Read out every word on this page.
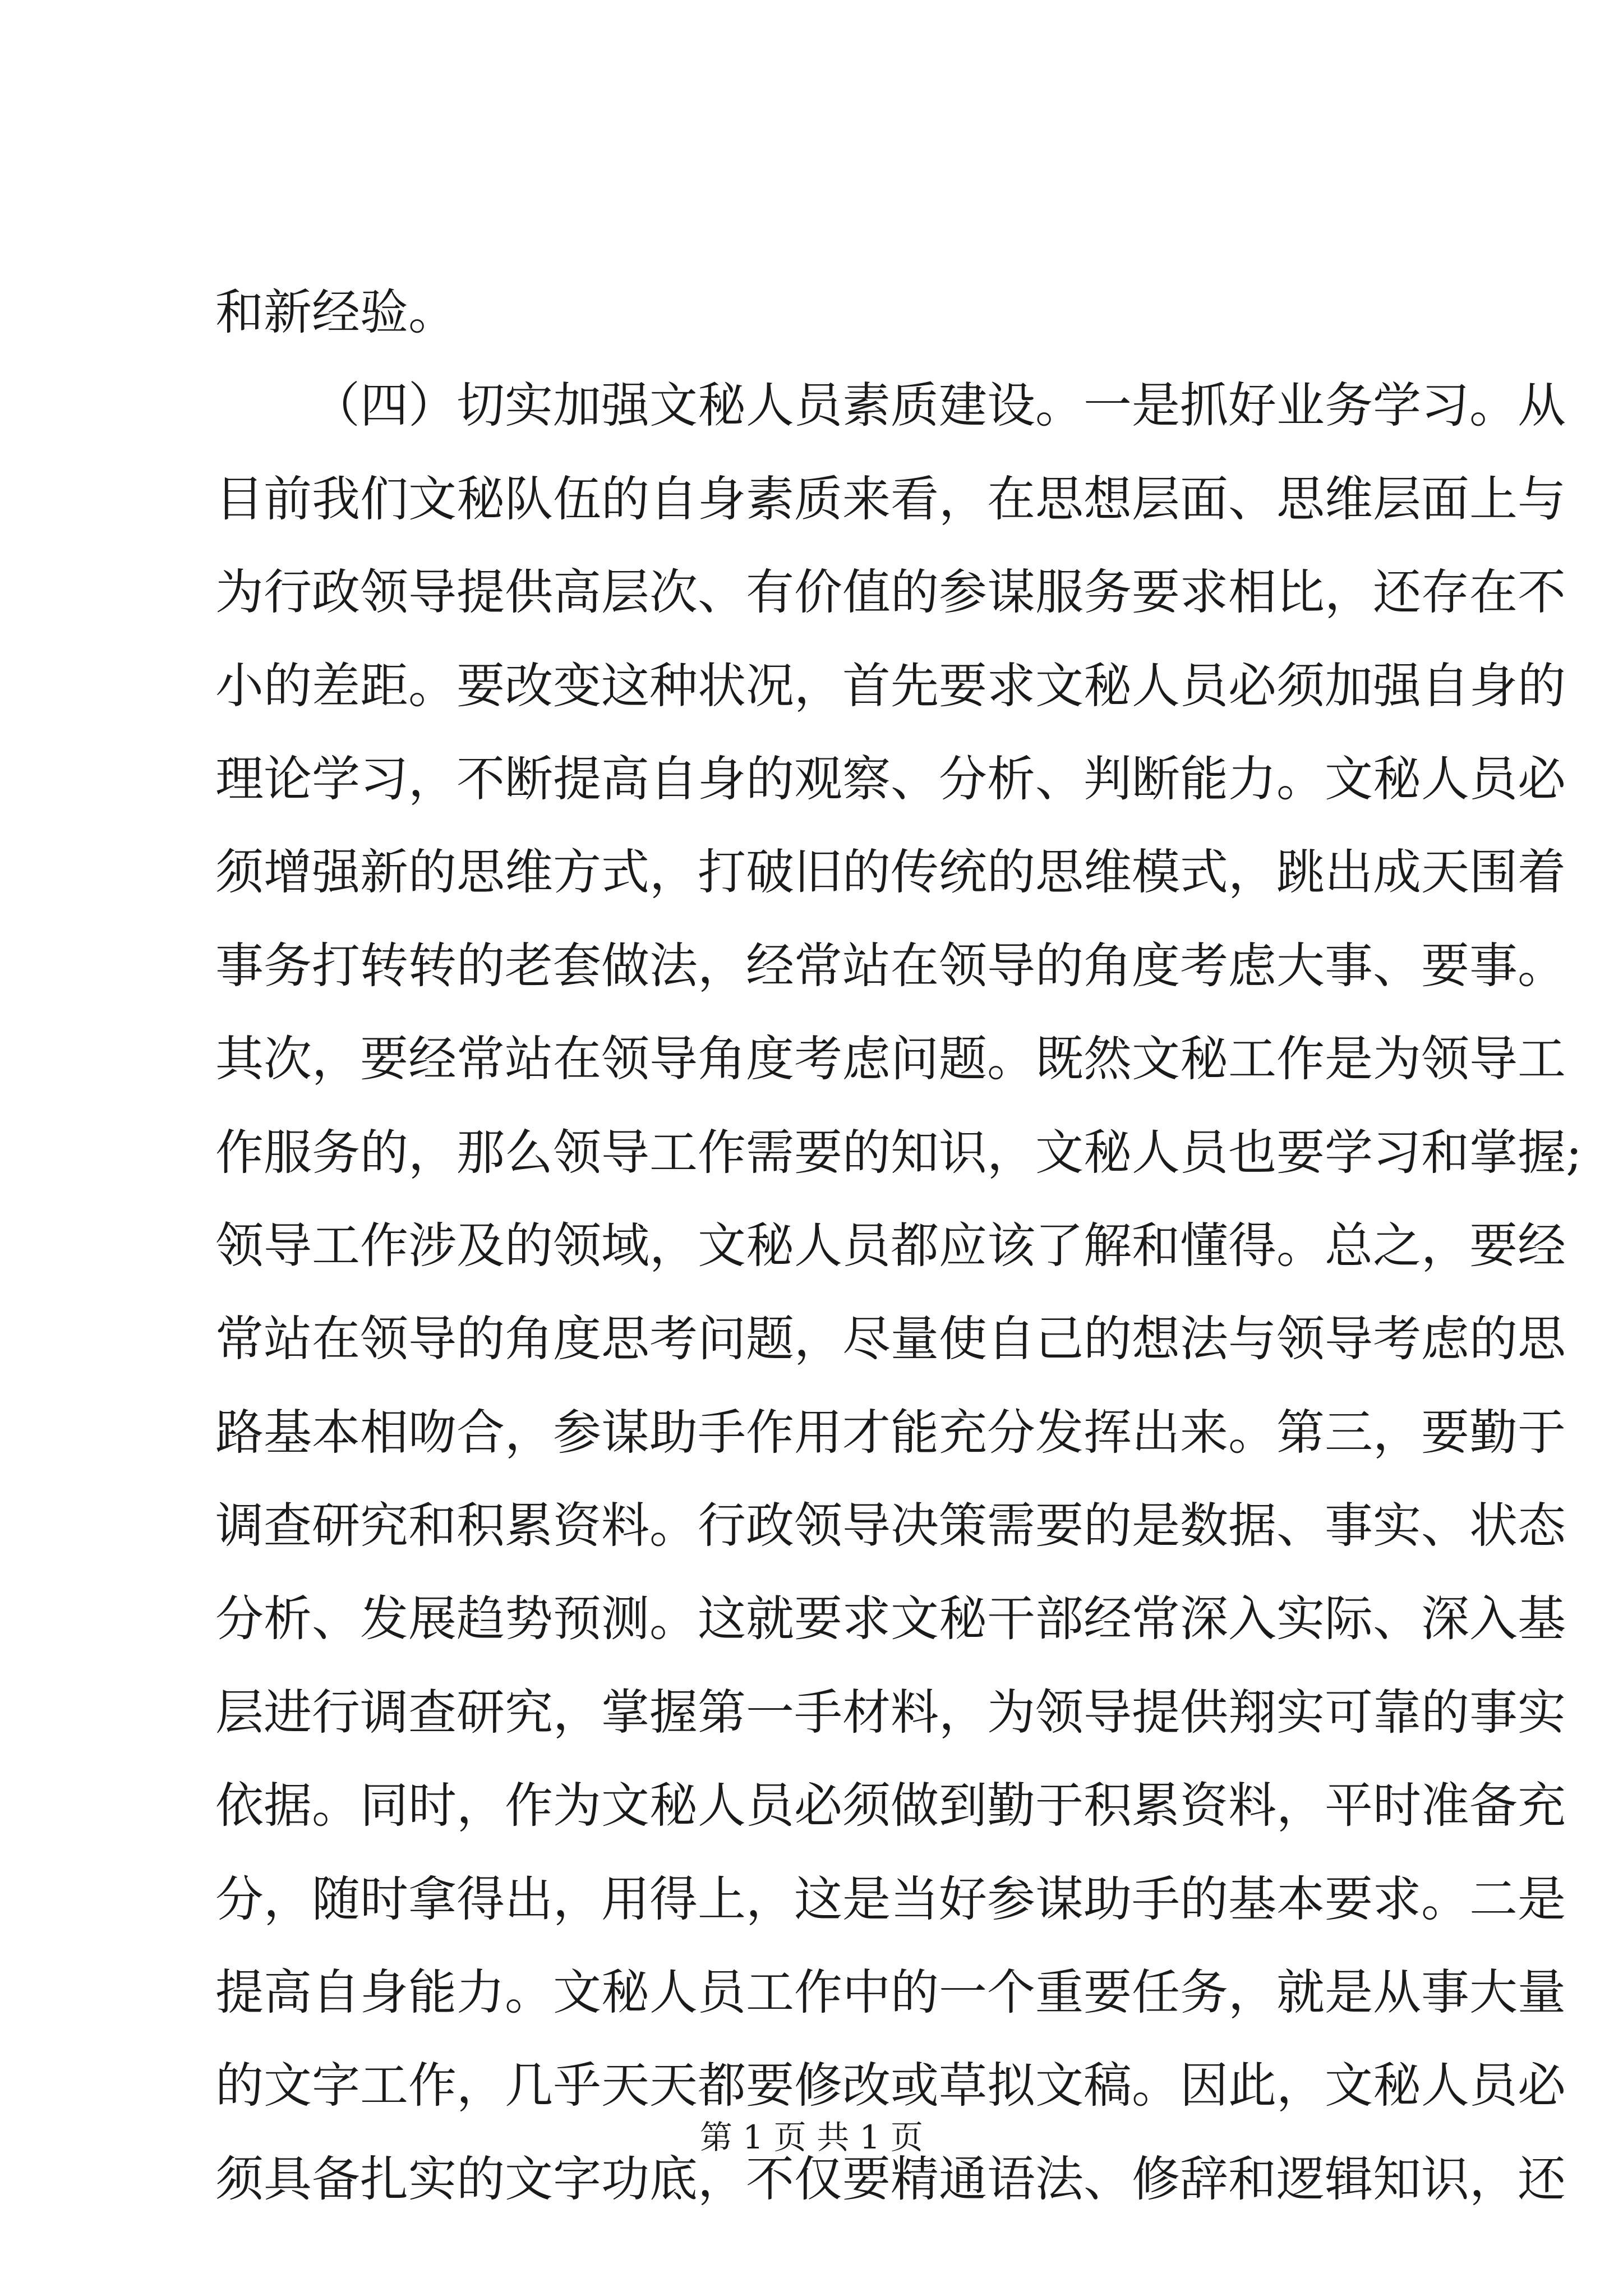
和新经验。
（四）切实加强文秘人员素质建设。一是抓好业务学习。从
目前我们文秘队伍的自身素质来看，在思想层面、思维层面上与
为行政领导提供高层次、有价值的参谋服务要求相比，还存在不
小的差距。要改变这种状况，首先要求文秘人员必须加强自身的
理论学习，不断提高自身的观察、分析、判断能力。文秘人员必
须增强新的思维方式，打破旧的传统的思维模式，跳出成天围着
事务打转转的老套做法，经常站在领导的角度考虑大事、要事。
其次，要经常站在领导角度考虑问题。既然文秘工作是为领导工
作服务的，那么领导工作需要的知识，文秘人员也要学习和掌握;
领导工作涉及的领域，文秘人员都应该了解和懂得。总之，要经
常站在领导的角度思考问题，尽量使自己的想法与领导考虑的思
路基本相吻合，参谋助手作用才能充分发挥出来。第三，要勤于
调查研究和积累资料。行政领导决策需要的是数据、事实、状态
分析、发展趋势预测。这就要求文秘干部经常深入实际、深入基
层进行调查研究，掌握第一手材料，为领导提供翔实可靠的事实
依据。同时，作为文秘人员必须做到勤于积累资料，平时准备充
分，随时拿得出，用得上，这是当好参谋助手的基本要求。二是
提高自身能力。文秘人员工作中的一个重要任务，就是从事大量
的文字工作，几乎天天都要修改或草拟文稿。因此，文秘人员必
须具备扎实的文字功底，不仅要精通语法、修辞和逻辑知识，还
第 1 页 共 1 页
